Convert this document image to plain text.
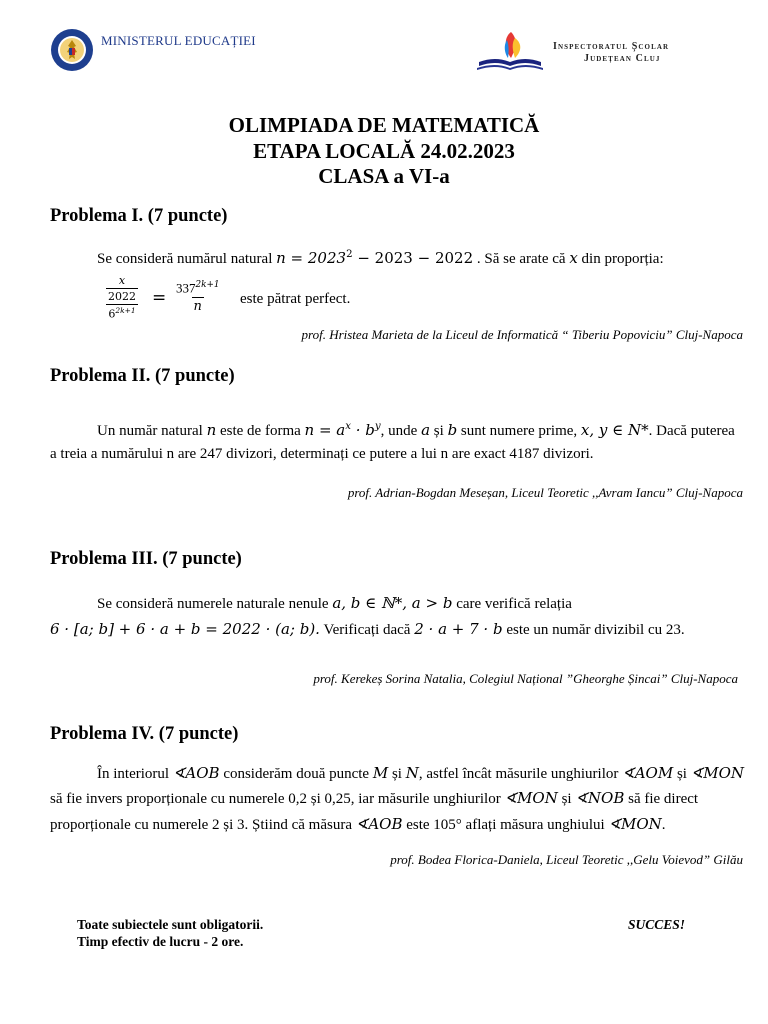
MINISTERUL EDUCAȚIEI	Inspectoratul Școlar
Județean Cluj
OLIMPIADA DE MATEMATICĂ
ETAPA LOCALĂ 24.02.2023
CLASA a VI-a
Problema I. (7 puncte)
Se consideră numărul natural $n = 2023^2 - 2023 - 2022$ . Să se arate că x din proporția:
$\frac{\frac{x}{2022}}{6^{2k+1}} = \frac{337^{2k+1}}{n}$ este pătrat perfect.
prof. Hristea Marieta de la Liceul de Informatică “ Tiberiu Popoviciu” Cluj-Napoca
Problema II. (7 puncte)
Un număr natural n este de forma $n = a^x \cdot b^y$, unde a și b sunt numere prime, x, y ∈ N*. Dacă puterea
a treia a numărului n are 247 divizori, determinați ce putere a lui n are exact 4187 divizori.
prof. Adrian-Bogdan Meseșan, Liceul Teoretic ,,Avram Iancu” Cluj-Napoca
Problema III. (7 puncte)
Se consideră numerele naturale nenule a, b ∈ ℕ*, a > b care verifică relația
6 · [a; b] + 6 · a + b = 2022 · (a; b). Verificați dacă 2 · a + 7 · b este un număr divizibil cu 23.
prof. Kerekeș Sorina Natalia, Colegiul Național ”Gheorghe Șincai” Cluj-Napoca
Problema IV. (7 puncte)
În interiorul ∢AOB considerăm două puncte M și N, astfel încât măsurile unghiurilor ∢AOM și ∢MON
să fie invers proporționale cu numerele 0,2 și 0,25, iar măsurile unghiurilor ∢MON și ∢NOB să fie direct
proporționale cu numerele 2 și 3. Știind că măsura ∢AOB este 105° aflați măsura unghiului ∢MON.
prof. Bodea Florica-Daniela, Liceul Teoretic ,,Gelu Voievod” Gilău
Toate subiectele sunt obligatorii.
Timp efectiv de lucru - 2 ore.
SUCCES!
